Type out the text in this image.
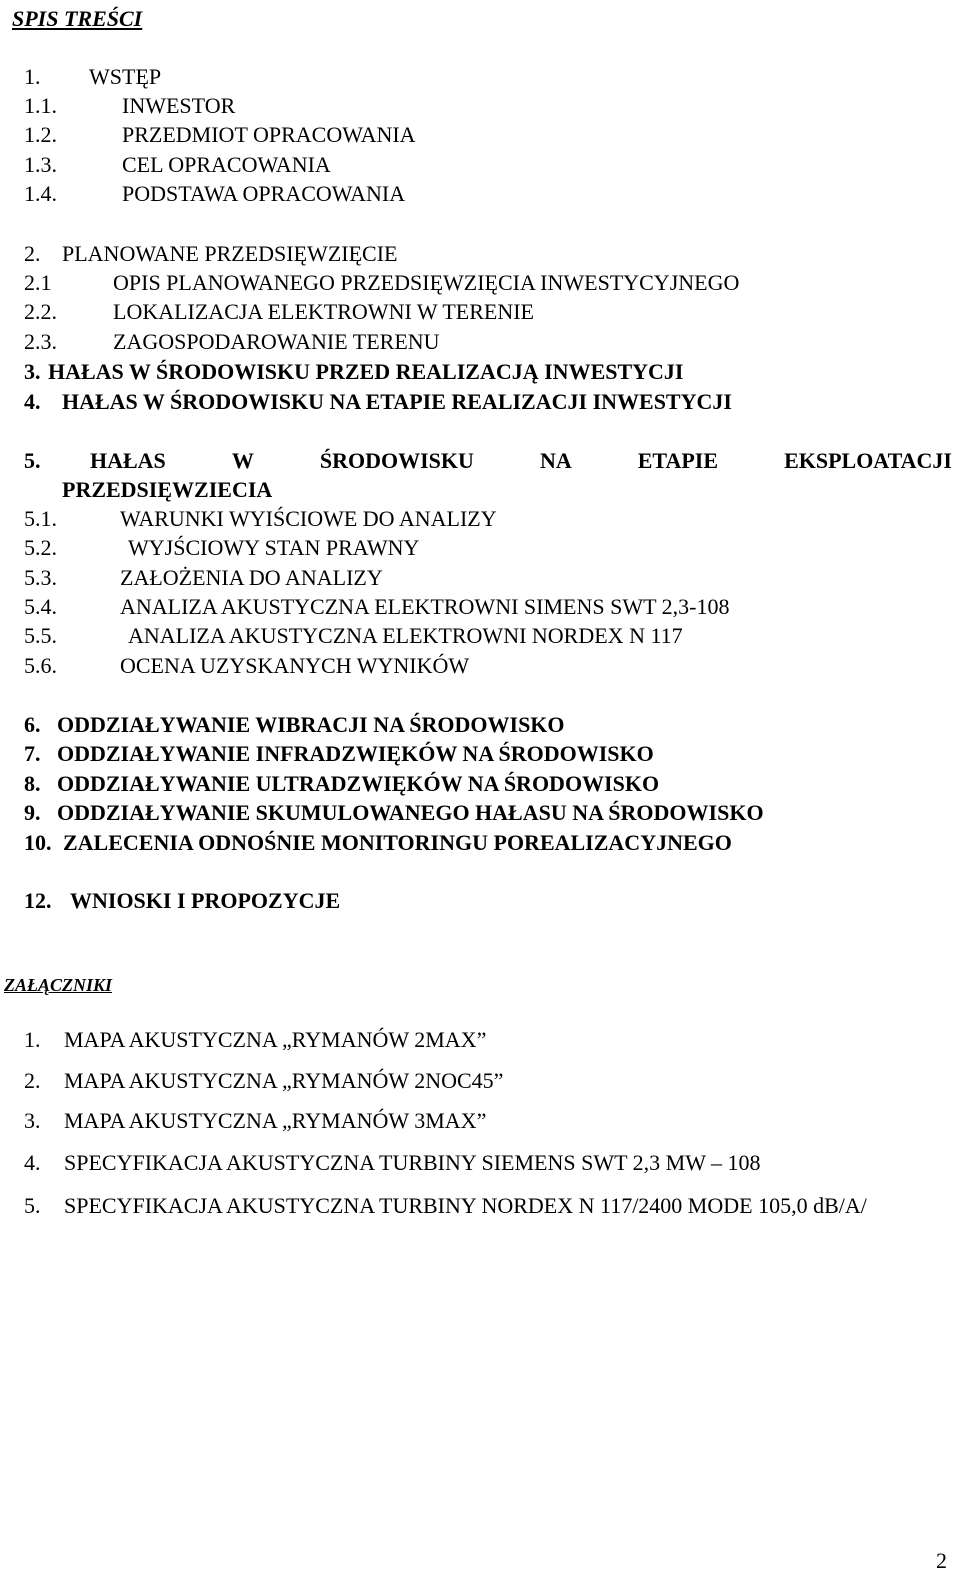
SPIS TREŚCI
1. WSTĘP
1.1.	INWESTOR
1.2.	PRZEDMIOT OPRACOWANIA
1.3.	CEL OPRACOWANIA
1.4.	PODSTAWA OPRACOWANIA
2. PLANOWANE PRZEDSIĘWZIĘCIE
2.1	OPIS PLANOWANEGO PRZEDSIĘWZIĘCIA INWESTYCYJNEGO
2.2.	LOKALIZACJA ELEKTROWNI W TERENIE
2.3.	ZAGOSPODAROWANIE TERENU
3. HAŁAS W ŚRODOWISKU PRZED REALIZACJĄ INWESTYCJI
4. HAŁAS W ŚRODOWISKU NA ETAPIE REALIZACJI INWESTYCJI
5. HAŁAS	W	ŚRODOWISKU	NA	ETAPIE	EKSPLOATACJI
PRZEDSIĘWZIECIA
5.1.	WARUNKI WYIŚCIOWE DO ANALIZY
5.2.	WYJŚCIOWY STAN PRAWNY
5.3.	ZAŁOŻENIA DO ANALIZY
5.4.	ANALIZA AKUSTYCZNA ELEKTROWNI SIMENS SWT 2,3-108
5.5.	ANALIZA AKUSTYCZNA ELEKTROWNI NORDEX N 117
5.6.	OCENA UZYSKANYCH WYNIKÓW
6. ODDZIAŁYWANIE WIBRACJI NA ŚRODOWISKO
7. ODDZIAŁYWANIE INFRADZWIĘKÓW NA ŚRODOWISKO
8. ODDZIAŁYWANIE ULTRADZWIĘKÓW NA ŚRODOWISKO
9. ODDZIAŁYWANIE SKUMULOWANEGO HAŁASU NA ŚRODOWISKO
10. ZALECENIA ODNOŚNIE MONITORINGU POREALIZACYJNEGO
12. WNIOSKI I PROPOZYCJE
ZAŁĄCZNIKI
1. MAPA AKUSTYCZNA „RYMANÓW 2MAX”
2. MAPA AKUSTYCZNA „RYMANÓW 2NOC45”
3. MAPA AKUSTYCZNA „RYMANÓW 3MAX”
4. SPECYFIKACJA AKUSTYCZNA TURBINY SIEMENS SWT 2,3 MW – 108
5. SPECYFIKACJA AKUSTYCZNA TURBINY NORDEX N 117/2400 MODE 105,0 dB/A/
2
